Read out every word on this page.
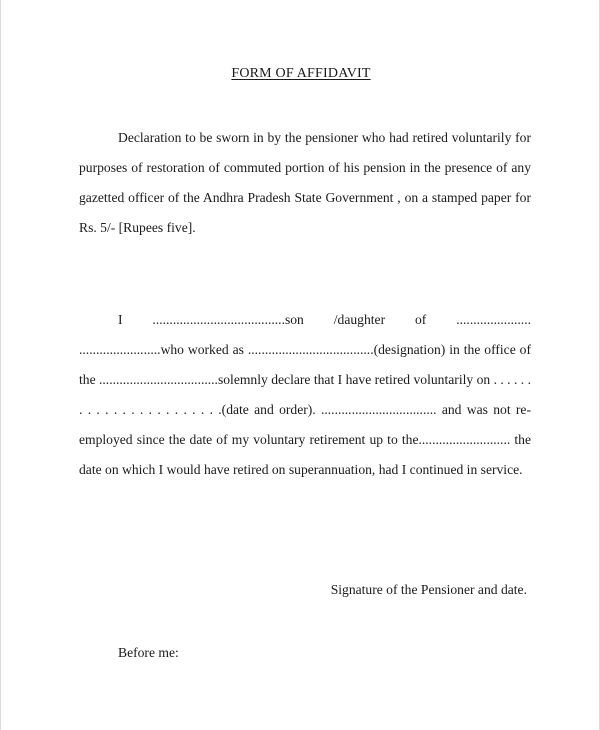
FORM OF AFFIDAVIT

Declaration to be sworn in by the pensioner who had retired voluntarily for purposes of restoration of commuted portion of his pension in the presence of any gazetted officer of the Andhra Pradesh State Government , on a stamped paper for Rs. 5/- [Rupees five].

I .......................................son /daughter of ...................... ........................who worked as .....................................(designation) in the office of the ...................................solemnly declare that I have retired voluntarily on . . . . . . . . . . . . . . . . . . . . . . .(date and order). .................................. and was not re-employed since the date of my voluntary retirement up to the........................... the date on which I would have retired on superannuation, had I continued in service.

Signature of the Pensioner and date.
Before me:
